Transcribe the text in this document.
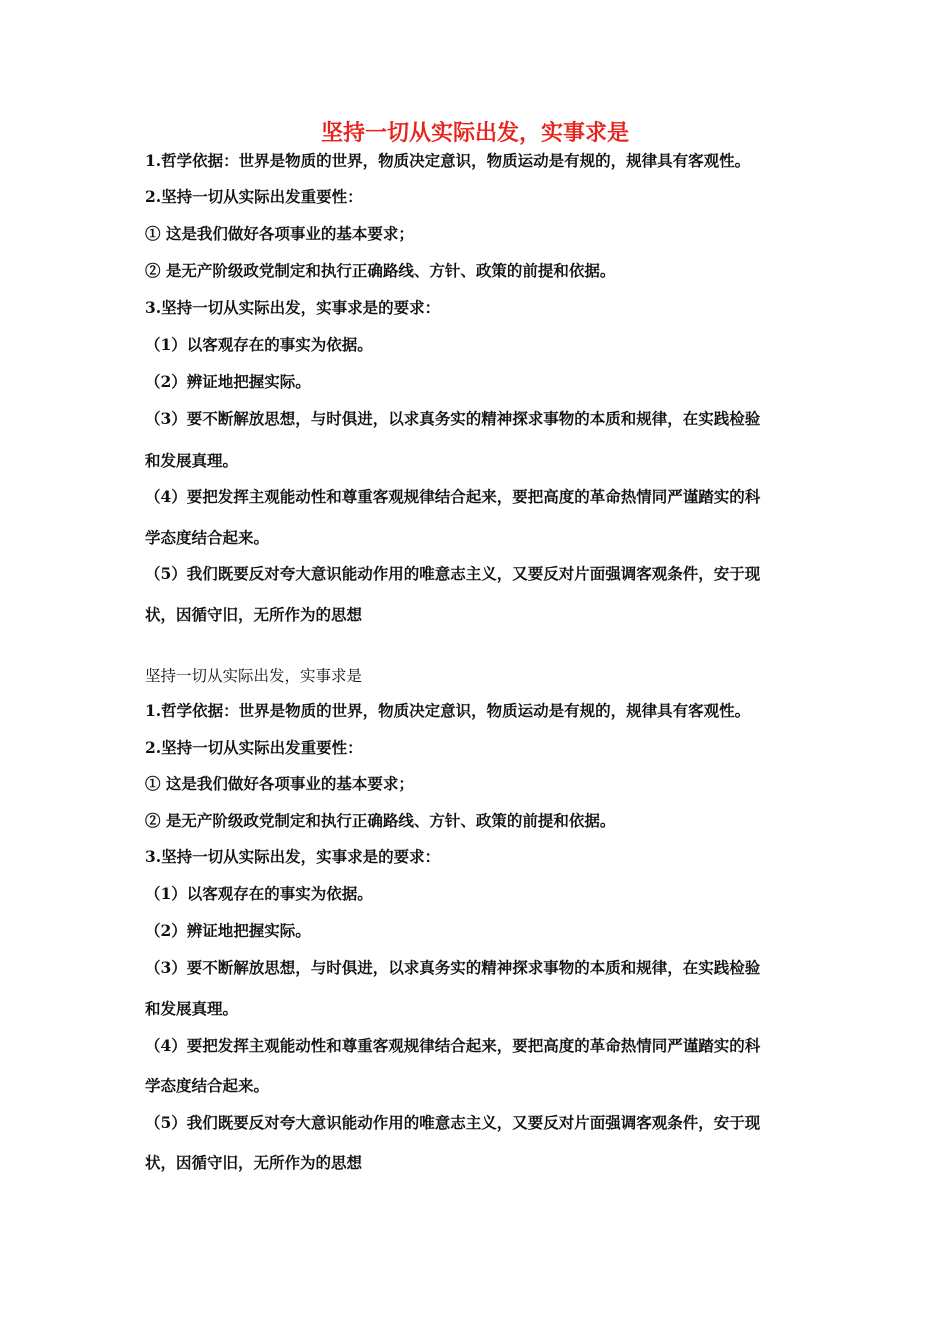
坚持一切从实际出发，实事求是
1.哲学依据：世界是物质的世界，物质决定意识，物质运动是有规的，规律具有客观性。
2.坚持一切从实际出发重要性：
① 这是我们做好各项事业的基本要求；
② 是无产阶级政党制定和执行正确路线、方针、政策的前提和依据。
3.坚持一切从实际出发，实事求是的要求：
（1）以客观存在的事实为依据。
（2）辨证地把握实际。
（3）要不断解放思想，与时俱进，以求真务实的精神探求事物的本质和规律，在实践检验
和发展真理。
（4）要把发挥主观能动性和尊重客观规律结合起来，要把高度的革命热情同严谨踏实的科
学态度结合起来。
（5）我们既要反对夸大意识能动作用的唯意志主义，又要反对片面强调客观条件，安于现
状，因循守旧，无所作为的思想
坚持一切从实际出发，实事求是
1.哲学依据：世界是物质的世界，物质决定意识，物质运动是有规的，规律具有客观性。
2.坚持一切从实际出发重要性：
① 这是我们做好各项事业的基本要求；
② 是无产阶级政党制定和执行正确路线、方针、政策的前提和依据。
3.坚持一切从实际出发，实事求是的要求：
（1）以客观存在的事实为依据。
（2）辨证地把握实际。
（3）要不断解放思想，与时俱进，以求真务实的精神探求事物的本质和规律，在实践检验
和发展真理。
（4）要把发挥主观能动性和尊重客观规律结合起来，要把高度的革命热情同严谨踏实的科
学态度结合起来。
（5）我们既要反对夸大意识能动作用的唯意志主义，又要反对片面强调客观条件，安于现
状，因循守旧，无所作为的思想
